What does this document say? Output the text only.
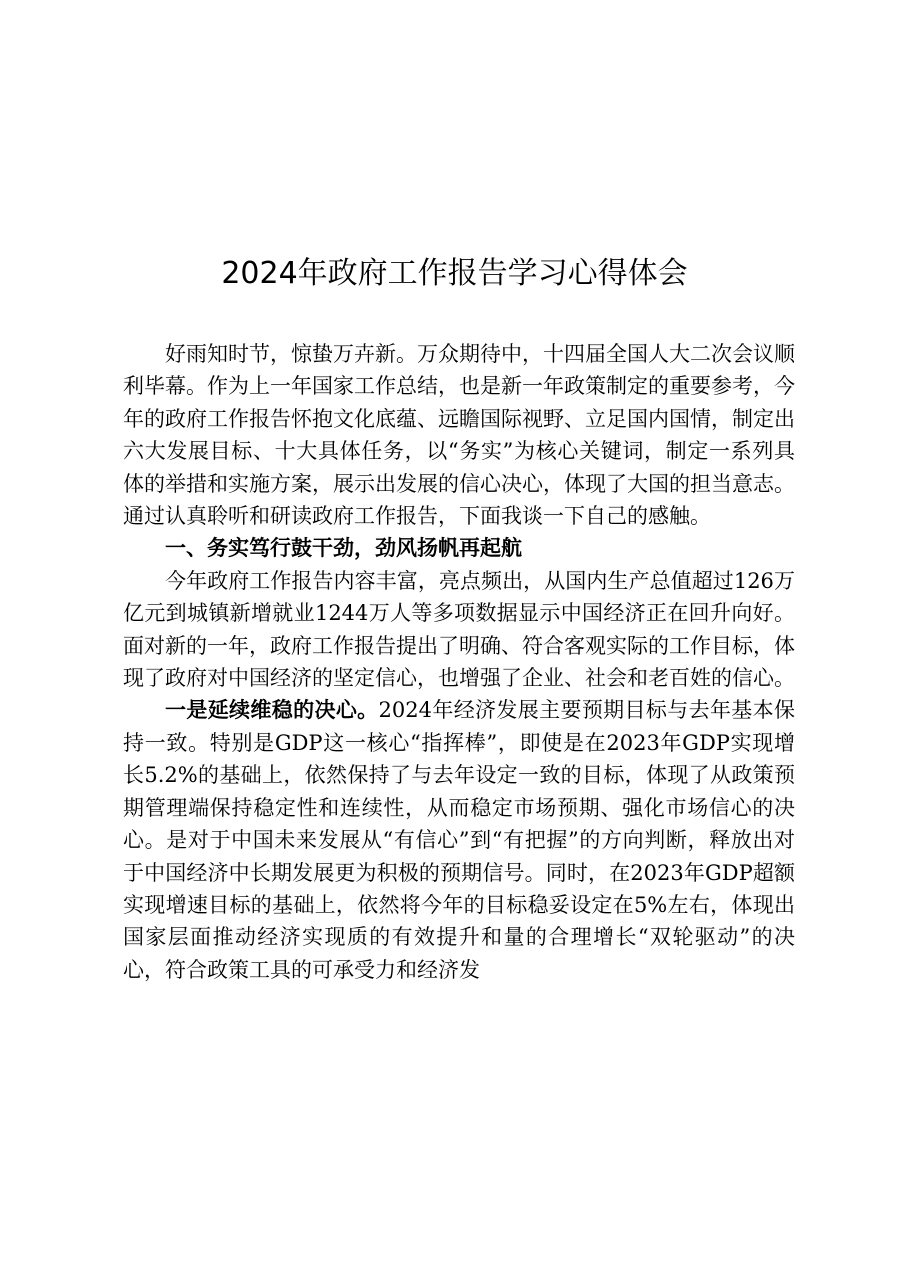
2024年政府工作报告学习心得体会

好雨知时节，惊蛰万卉新。万众期待中，十四届全国人大二次会议顺利毕幕。作为上一年国家工作总结，也是新一年政策制定的重要参考，今年的政府工作报告怀抱文化底蕴、远瞻国际视野、立足国内国情，制定出六大发展目标、十大具体任务，以“务实”为核心关键词，制定一系列具体的举措和实施方案，展示出发展的信心决心，体现了大国的担当意志。通过认真聆听和研读政府工作报告，下面我谈一下自己的感触。

一、务实笃行鼓干劲，劲风扬帆再起航

今年政府工作报告内容丰富，亮点频出，从国内生产总值超过126万亿元到城镇新增就业1244万人等多项数据显示中国经济正在回升向好。面对新的一年，政府工作报告提出了明确、符合客观实际的工作目标，体现了政府对中国经济的坚定信心，也增强了企业、社会和老百姓的信心。

一是延续维稳的决心。2024年经济发展主要预期目标与去年基本保持一致。特别是GDP这一核心“指挥棒”，即使是在2023年GDP实现增长5.2%的基础上，依然保持了与去年设定一致的目标，体现了从政策预期管理端保持稳定性和连续性，从而稳定市场预期、强化市场信心的决心。是对于中国未来发展从“有信心”到“有把握”的方向判断，释放出对于中国经济中长期发展更为积极的预期信号。同时，在2023年GDP超额实现增速目标的基础上，依然将今年的目标稳妥设定在5%左右，体现出国家层面推动经济实现质的有效提升和量的合理增长“双轮驱动”的决心，符合政策工具的可承受力和经济发
